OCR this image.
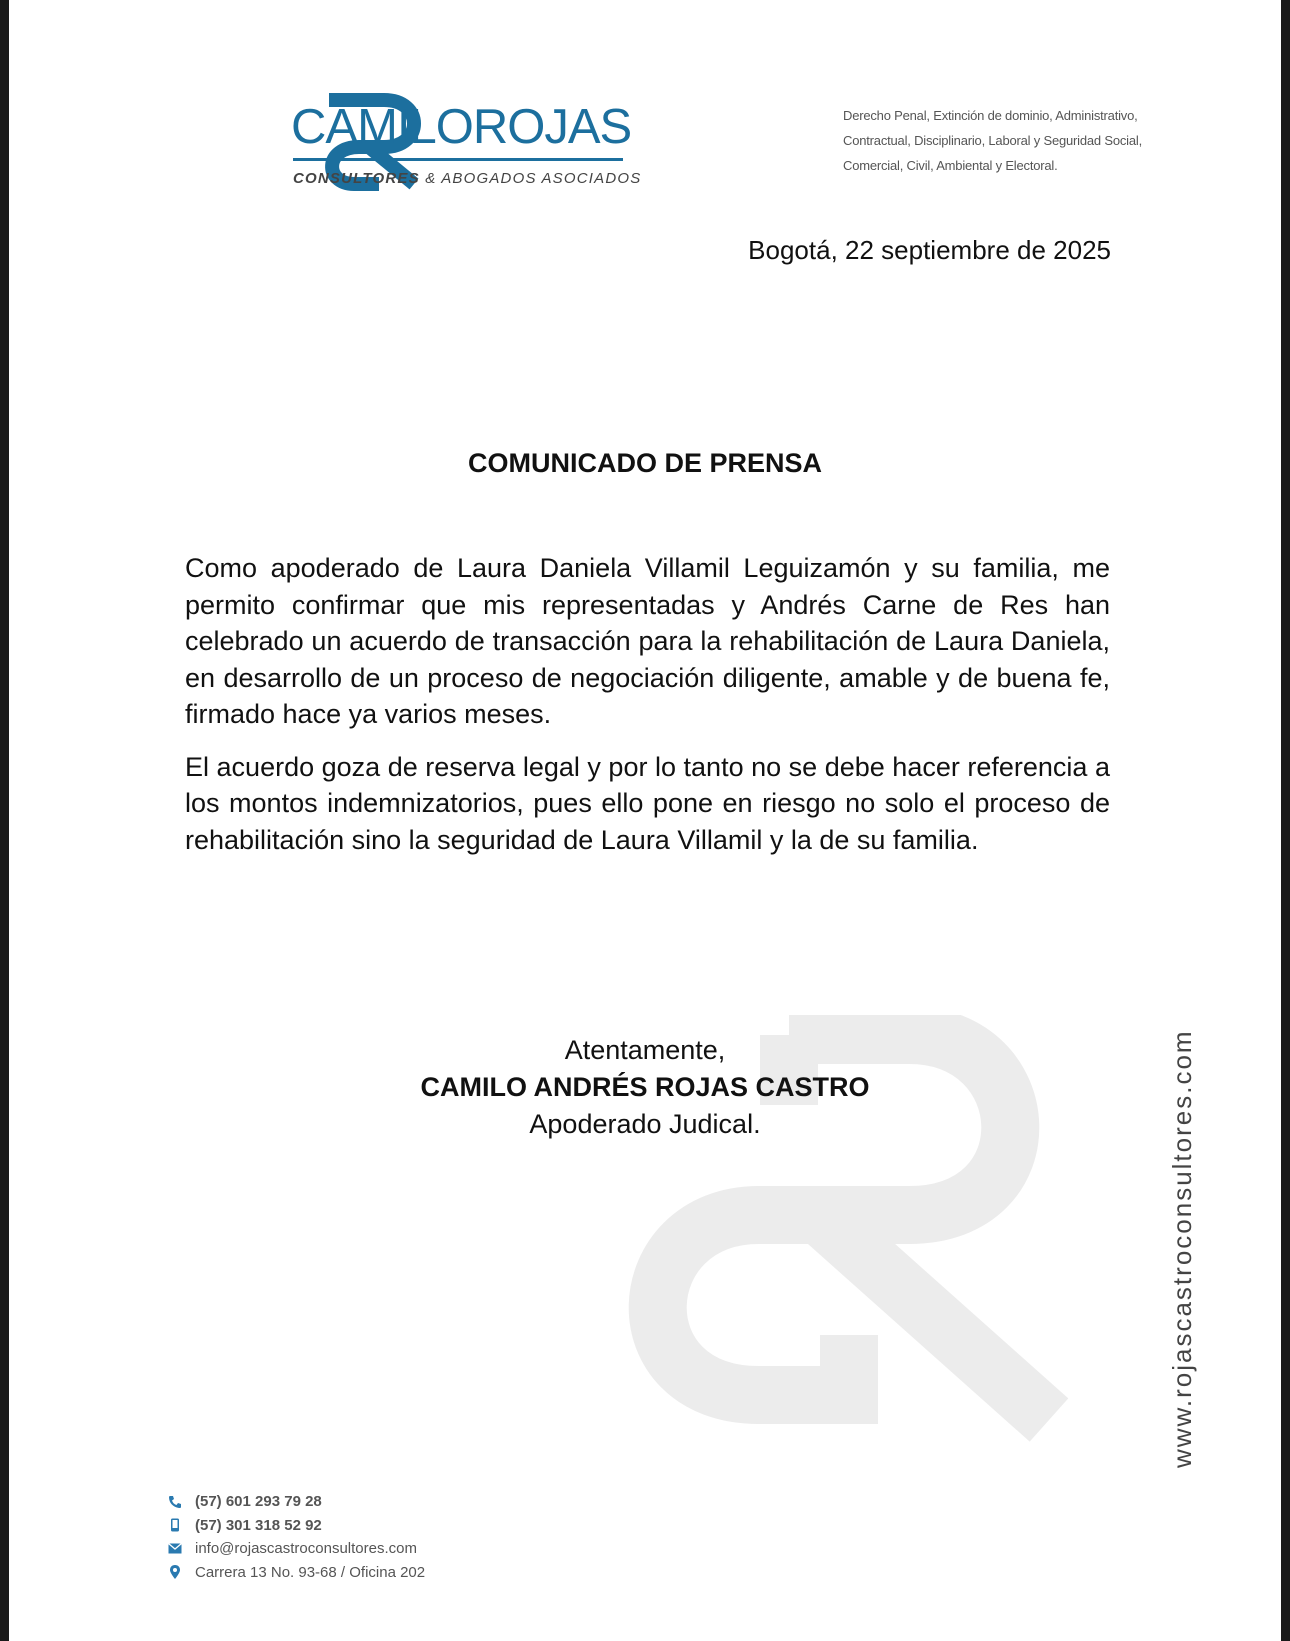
CAMILOROJAS
CONSULTORES & ABOGADOS ASOCIADOS
Derecho Penal, Extinción de dominio, Administrativo,
Contractual, Disciplinario, Laboral y Seguridad Social,
Comercial, Civil, Ambiental y Electoral.
Bogotá, 22 septiembre de 2025
COMUNICADO DE PRENSA

Como apoderado de Laura Daniela Villamil Leguizamón y su familia, me permito confirmar que mis representadas y Andrés Carne de Res han celebrado un acuerdo de transacción para la rehabilitación de Laura Daniela, en desarrollo de un proceso de negociación diligente, amable y de buena fe, firmado hace ya varios meses.

El acuerdo goza de reserva legal y por lo tanto no se debe hacer referencia a los montos indemnizatorios, pues ello pone en riesgo no solo el proceso de rehabilitación sino la seguridad de Laura Villamil y la de su familia.

Atentamente,
CAMILO ANDRÉS ROJAS CASTRO
Apoderado Judical.	www.rojascastroconsultores.com
(57) 601 293 79 28
(57) 301 318 52 92
info@rojascastroconsultores.com
Carrera 13 No. 93-68 / Oficina 202
